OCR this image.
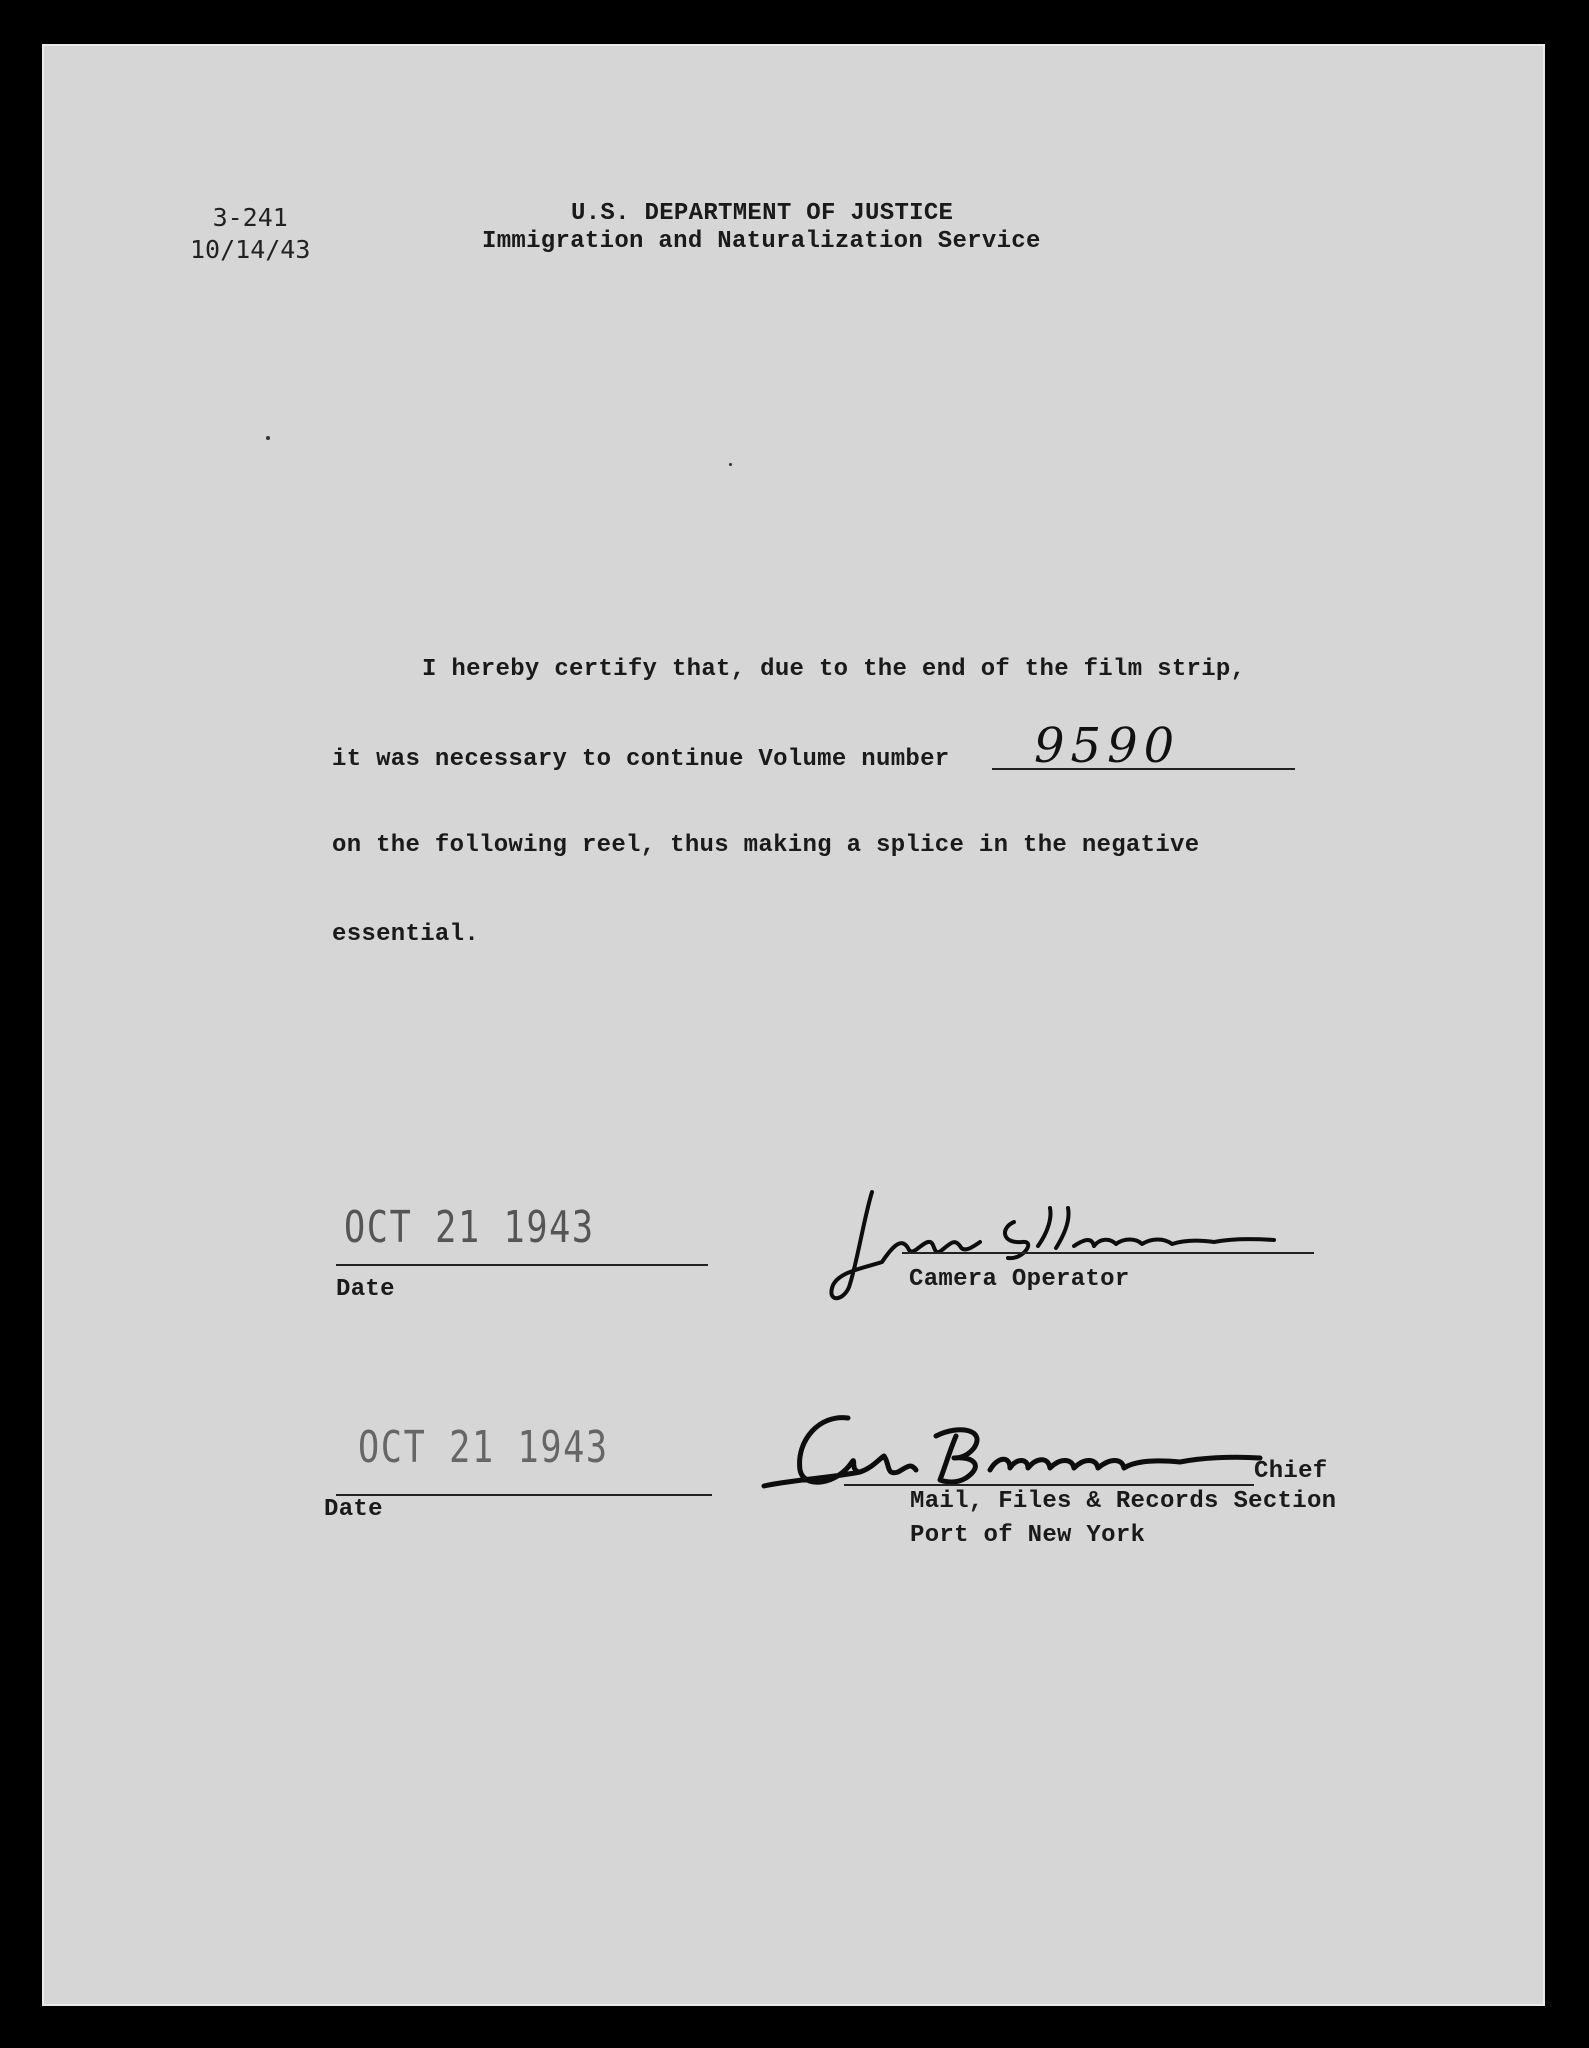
3-241
10/14/43
U.S. DEPARTMENT OF JUSTICE
Immigration and Naturalization Service
I hereby certify that, due to the end of the film strip,
it was necessary to continue Volume number 9590
on the following reel, thus making a splice in the negative
essential.
OCT 21 1943
Date	Camera Operator
OCT 21 1943
Date
Chief
Mail, Files & Records Section
Port of New York
